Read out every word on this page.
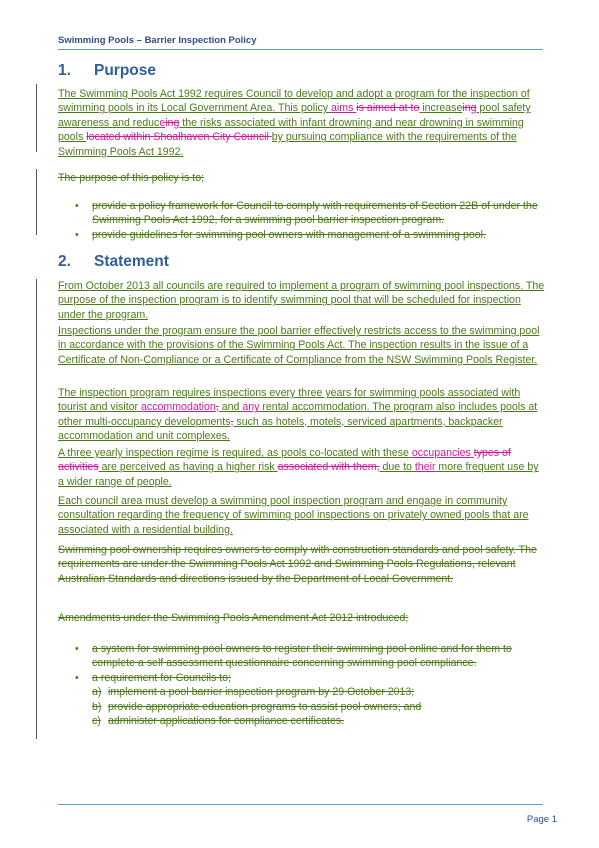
Swimming Pools – Barrier Inspection Policy
1. Purpose

The Swimming Pools Act 1992 requires Council to develop and adopt a program for the inspection of swimming pools in its Local Government Area. This policy aims is aimed at to increaseing pool safety awareness and reduceing the risks associated with infant drowning and near drowning in swimming pools located within Shoalhaven City Council by pursuing compliance with the requirements of the Swimming Pools Act 1992.

The purpose of this policy is to;

• provide a policy framework for Council to comply with requirements of Section 22B of under the Swimming Pools Act 1992, for a swimming pool barrier inspection program.
• provide guidelines for swimming pool owners with management of a swimming pool.
2. Statement

From October 2013 all councils are required to implement a program of swimming pool inspections. The purpose of the inspection program is to identify swimming pool that will be scheduled for inspection under the program.

Inspections under the program ensure the pool barrier effectively restricts access to the swimming pool in accordance with the provisions of the Swimming Pools Act. The inspection results in the issue of a Certificate of Non-Compliance or a Certificate of Compliance from the NSW Swimming Pools Register.

The inspection program requires inspections every three years for swimming pools associated with tourist and visitor accommodation, and any rental accommodation. The program also includes pools at other multi-occupancy developments, such as hotels, motels, serviced apartments, backpacker accommodation and unit complexes.

A three yearly inspection regime is required, as pools co-located with these occupancies types of activities are perceived as having a higher risk associated with them, due to their more frequent use by a wider range of people.

Each council area must develop a swimming pool inspection program and engage in community consultation regarding the frequency of swimming pool inspections on privately owned pools that are associated with a residential building.

Swimming pool ownership requires owners to comply with construction standards and pool safety. The requirements are under the Swimming Pools Act 1992 and Swimming Pools Regulations, relevant Australian Standards and directions issued by the Department of Local Government.

Amendments under the Swimming Pools Amendment Act 2012 introduced;

• a system for swimming pool owners to register their swimming pool online and for them to complete a self assessment questionnaire concerning swimming pool compliance.
• a requirement for Councils to;
a) implement a pool barrier inspection program by 29 October 2013;
b) provide appropriate education programs to assist pool owners; and
c) administer applications for compliance certificates.
Page 1
